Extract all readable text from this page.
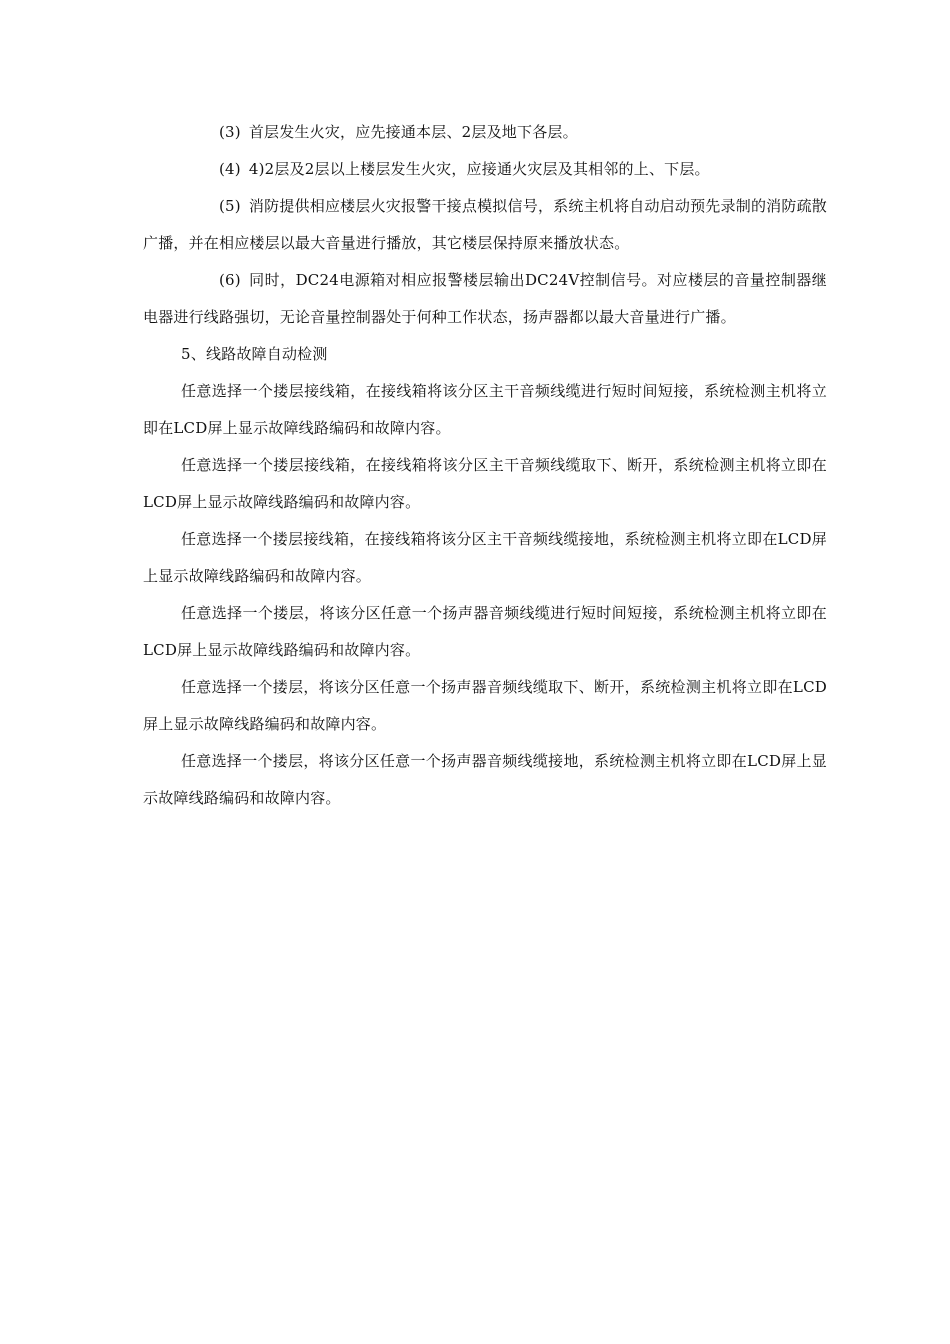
(3) 首层发生火灾，应先接通本层、2层及地下各层。

(4) 4)2层及2层以上楼层发生火灾，应接通火灾层及其相邻的上、下层。

(5) 消防提供相应楼层火灾报警干接点模拟信号，系统主机将自动启动预先录制的消防疏散广播，并在相应楼层以最大音量进行播放，其它楼层保持原来播放状态。

(6) 同时，DC24电源箱对相应报警楼层输出DC24V控制信号。对应楼层的音量控制器继电器进行线路强切，无论音量控制器处于何种工作状态，扬声器都以最大音量进行广播。

5、线路故障自动检测

任意选择一个搂层接线箱，在接线箱将该分区主干音频线缆进行短时间短接，系统检测主机将立即在LCD屏上显示故障线路编码和故障内容。

任意选择一个搂层接线箱，在接线箱将该分区主干音频线缆取下、断开，系统检测主机将立即在LCD屏上显示故障线路编码和故障内容。

任意选择一个搂层接线箱，在接线箱将该分区主干音频线缆接地，系统检测主机将立即在LCD屏上显示故障线路编码和故障内容。

任意选择一个搂层，将该分区任意一个扬声器音频线缆进行短时间短接，系统检测主机将立即在LCD屏上显示故障线路编码和故障内容。

任意选择一个搂层，将该分区任意一个扬声器音频线缆取下、断开，系统检测主机将立即在LCD屏上显示故障线路编码和故障内容。

任意选择一个搂层，将该分区任意一个扬声器音频线缆接地，系统检测主机将立即在LCD屏上显示故障线路编码和故障内容。
